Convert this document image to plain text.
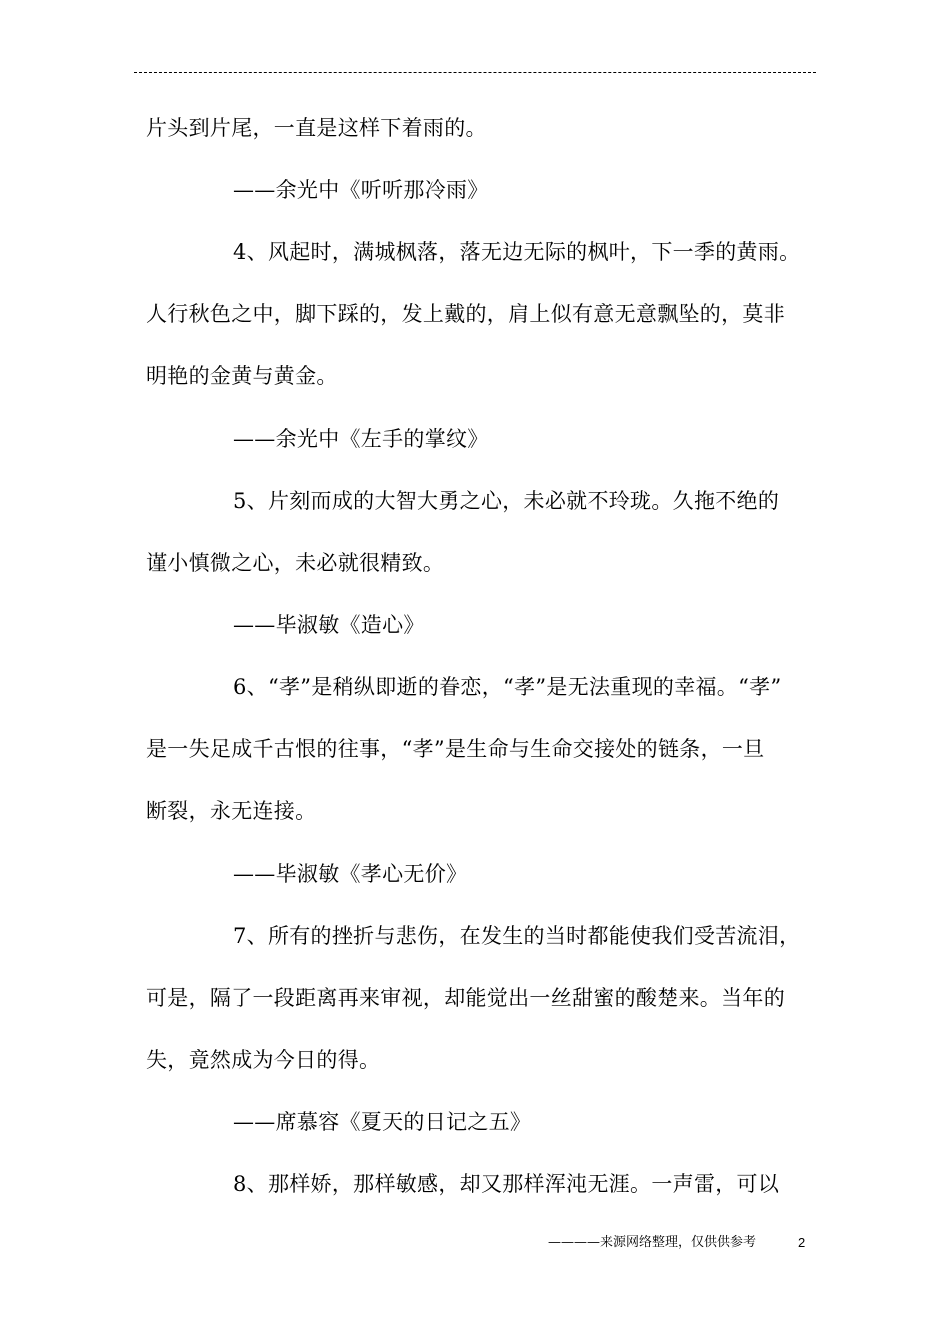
片头到片尾，一直是这样下着雨的。
——余光中《听听那冷雨》
4、风起时，满城枫落，落无边无际的枫叶，下一季的黄雨。
人行秋色之中，脚下踩的，发上戴的，肩上似有意无意飘坠的，莫非
明艳的金黄与黄金。
——余光中《左手的掌纹》
5、片刻而成的大智大勇之心，未必就不玲珑。久拖不绝的
谨小慎微之心，未必就很精致。
——毕淑敏《造心》
6、“孝”是稍纵即逝的眷恋，“孝”是无法重现的幸福。“孝”
是一失足成千古恨的往事，“孝”是生命与生命交接处的链条，一旦
断裂，永无连接。
——毕淑敏《孝心无价》
7、所有的挫折与悲伤，在发生的当时都能使我们受苦流泪，
可是，隔了一段距离再来审视，却能觉出一丝甜蜜的酸楚来。当年的
失，竟然成为今日的得。
——席慕容《夏天的日记之五》
8、那样娇，那样敏感，却又那样浑沌无涯。一声雷，可以
————来源网络整理，仅供供参考	2
